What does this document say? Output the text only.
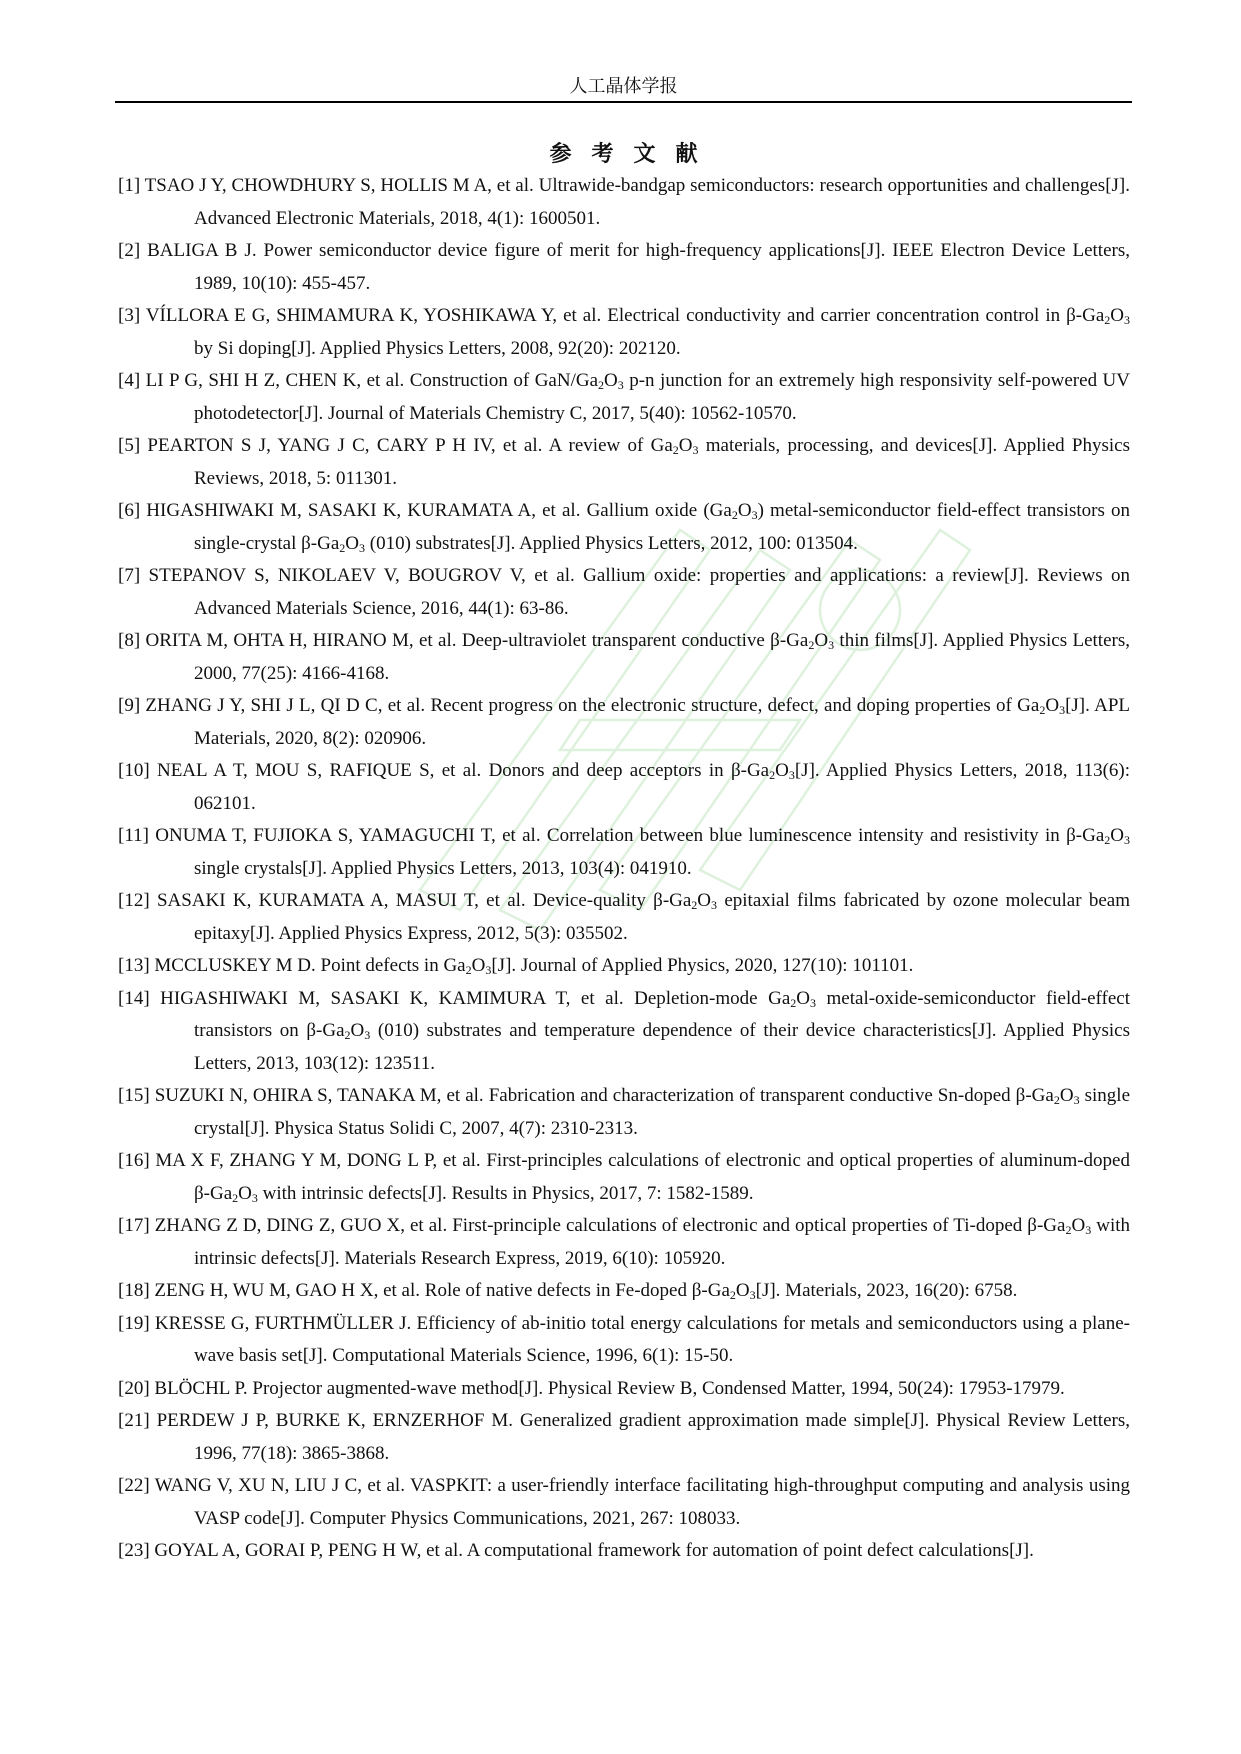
人工晶体学报
参考文献
[1] TSAO J Y, CHOWDHURY S, HOLLIS M A, et al. Ultrawide-bandgap semiconductors: research opportunities and challenges[J]. Advanced Electronic Materials, 2018, 4(1): 1600501.
[2] BALIGA B J. Power semiconductor device figure of merit for high-frequency applications[J]. IEEE Electron Device Letters, 1989, 10(10): 455-457.
[3] VÍLLORA E G, SHIMAMURA K, YOSHIKAWA Y, et al. Electrical conductivity and carrier concentration control in $\beta-Ga_2O_3$ by Si doping[J]. Applied Physics Letters, 2008, 92(20): 202120.
[4] LI P G, SHI H Z, CHEN K, et al. Construction of GaN/$Ga_2O_3$ p-n junction for an extremely high responsivity self-powered UV photodetector[J]. Journal of Materials Chemistry C, 2017, 5(40): 10562-10570.
[5] PEARTON S J, YANG J C, CARY P H IV, et al. A review of $Ga_2O_3$ materials, processing, and devices[J]. Applied Physics Reviews, 2018, 5: 011301.
[6] HIGASHIWAKI M, SASAKI K, KURAMATA A, et al. Gallium oxide $(Ga_2O_3)$ metal-semiconductor field-effect transistors on single-crystal $\beta-Ga_2O_3$ (010) substrates[J]. Applied Physics Letters, 2012, 100: 013504.
[7] STEPANOV S, NIKOLAEV V, BOUGROV V, et al. Gallium oxide: properties and applications: a review[J]. Reviews on Advanced Materials Science, 2016, 44(1): 63-86.
[8] ORITA M, OHTA H, HIRANO M, et al. Deep-ultraviolet transparent conductive $\beta-Ga_2O_3$ thin films[J]. Applied Physics Letters, 2000, 77(25): 4166-4168.
[9] ZHANG J Y, SHI J L, QI D C, et al. Recent progress on the electronic structure, defect, and doping properties of $Ga_2O_3[J]$. APL Materials, 2020, 8(2): 020906.
[10] NEAL A T, MOU S, RAFIQUE S, et al. Donors and deep acceptors in $\beta-Ga_2O_3[J]$. Applied Physics Letters, 2018, 113(6): 062101.
[11] ONUMA T, FUJIOKA S, YAMAGUCHI T, et al. Correlation between blue luminescence intensity and resistivity in $\beta-Ga_2O_3$ single crystals[J]. Applied Physics Letters, 2013, 103(4): 041910.
[12] SASAKI K, KURAMATA A, MASUI T, et al. Device-quality $\beta-Ga_2O_3$ epitaxial films fabricated by ozone molecular beam epitaxy[J]. Applied Physics Express, 2012, 5(3): 035502.
[13] MCCLUSKEY M D. Point defects in $Ga_2O_3[J]$. Journal of Applied Physics, 2020, 127(10): 101101.
[14] HIGASHIWAKI M, SASAKI K, KAMIMURA T, et al. Depletion-mode $Ga_2O_3$ metal-oxide-semiconductor field-effect transistors on $\beta-Ga_2O_3$ (010) substrates and temperature dependence of their device characteristics[J]. Applied Physics Letters, 2013, 103(12): 123511.
[15] SUZUKI N, OHIRA S, TANAKA M, et al. Fabrication and characterization of transparent conductive Sn-doped $\beta-Ga_2O_3$ single crystal[J]. Physica Status Solidi C, 2007, 4(7): 2310-2313.
[16] MA X F, ZHANG Y M, DONG L P, et al. First-principles calculations of electronic and optical properties of aluminum-doped $\beta-Ga_2O_3$ with intrinsic defects[J]. Results in Physics, 2017, 7: 1582-1589.
[17] ZHANG Z D, DING Z, GUO X, et al. First-principle calculations of electronic and optical properties of Ti-doped $\beta-Ga_2O_3$ with intrinsic defects[J]. Materials Research Express, 2019, 6(10): 105920.
[18] ZENG H, WU M, GAO H X, et al. Role of native defects in Fe-doped $\beta-Ga_2O_3[J]$. Materials, 2023, 16(20): 6758.
[19] KRESSE G, FURTHMÜLLER J. Efficiency of ab-initio total energy calculations for metals and semiconductors using a plane-wave basis set[J]. Computational Materials Science, 1996, 6(1): 15-50.
[20] BLÖCHL P. Projector augmented-wave method[J]. Physical Review B, Condensed Matter, 1994, 50(24): 17953-17979.
[21] PERDEW J P, BURKE K, ERNZERHOF M. Generalized gradient approximation made simple[J]. Physical Review Letters, 1996, 77(18): 3865-3868.
[22] WANG V, XU N, LIU J C, et al. VASPKIT: a user-friendly interface facilitating high-throughput computing and analysis using VASP code[J]. Computer Physics Communications, 2021, 267: 108033.
[23] GOYAL A, GORAI P, PENG H W, et al. A computational framework for automation of point defect calculations[J].
